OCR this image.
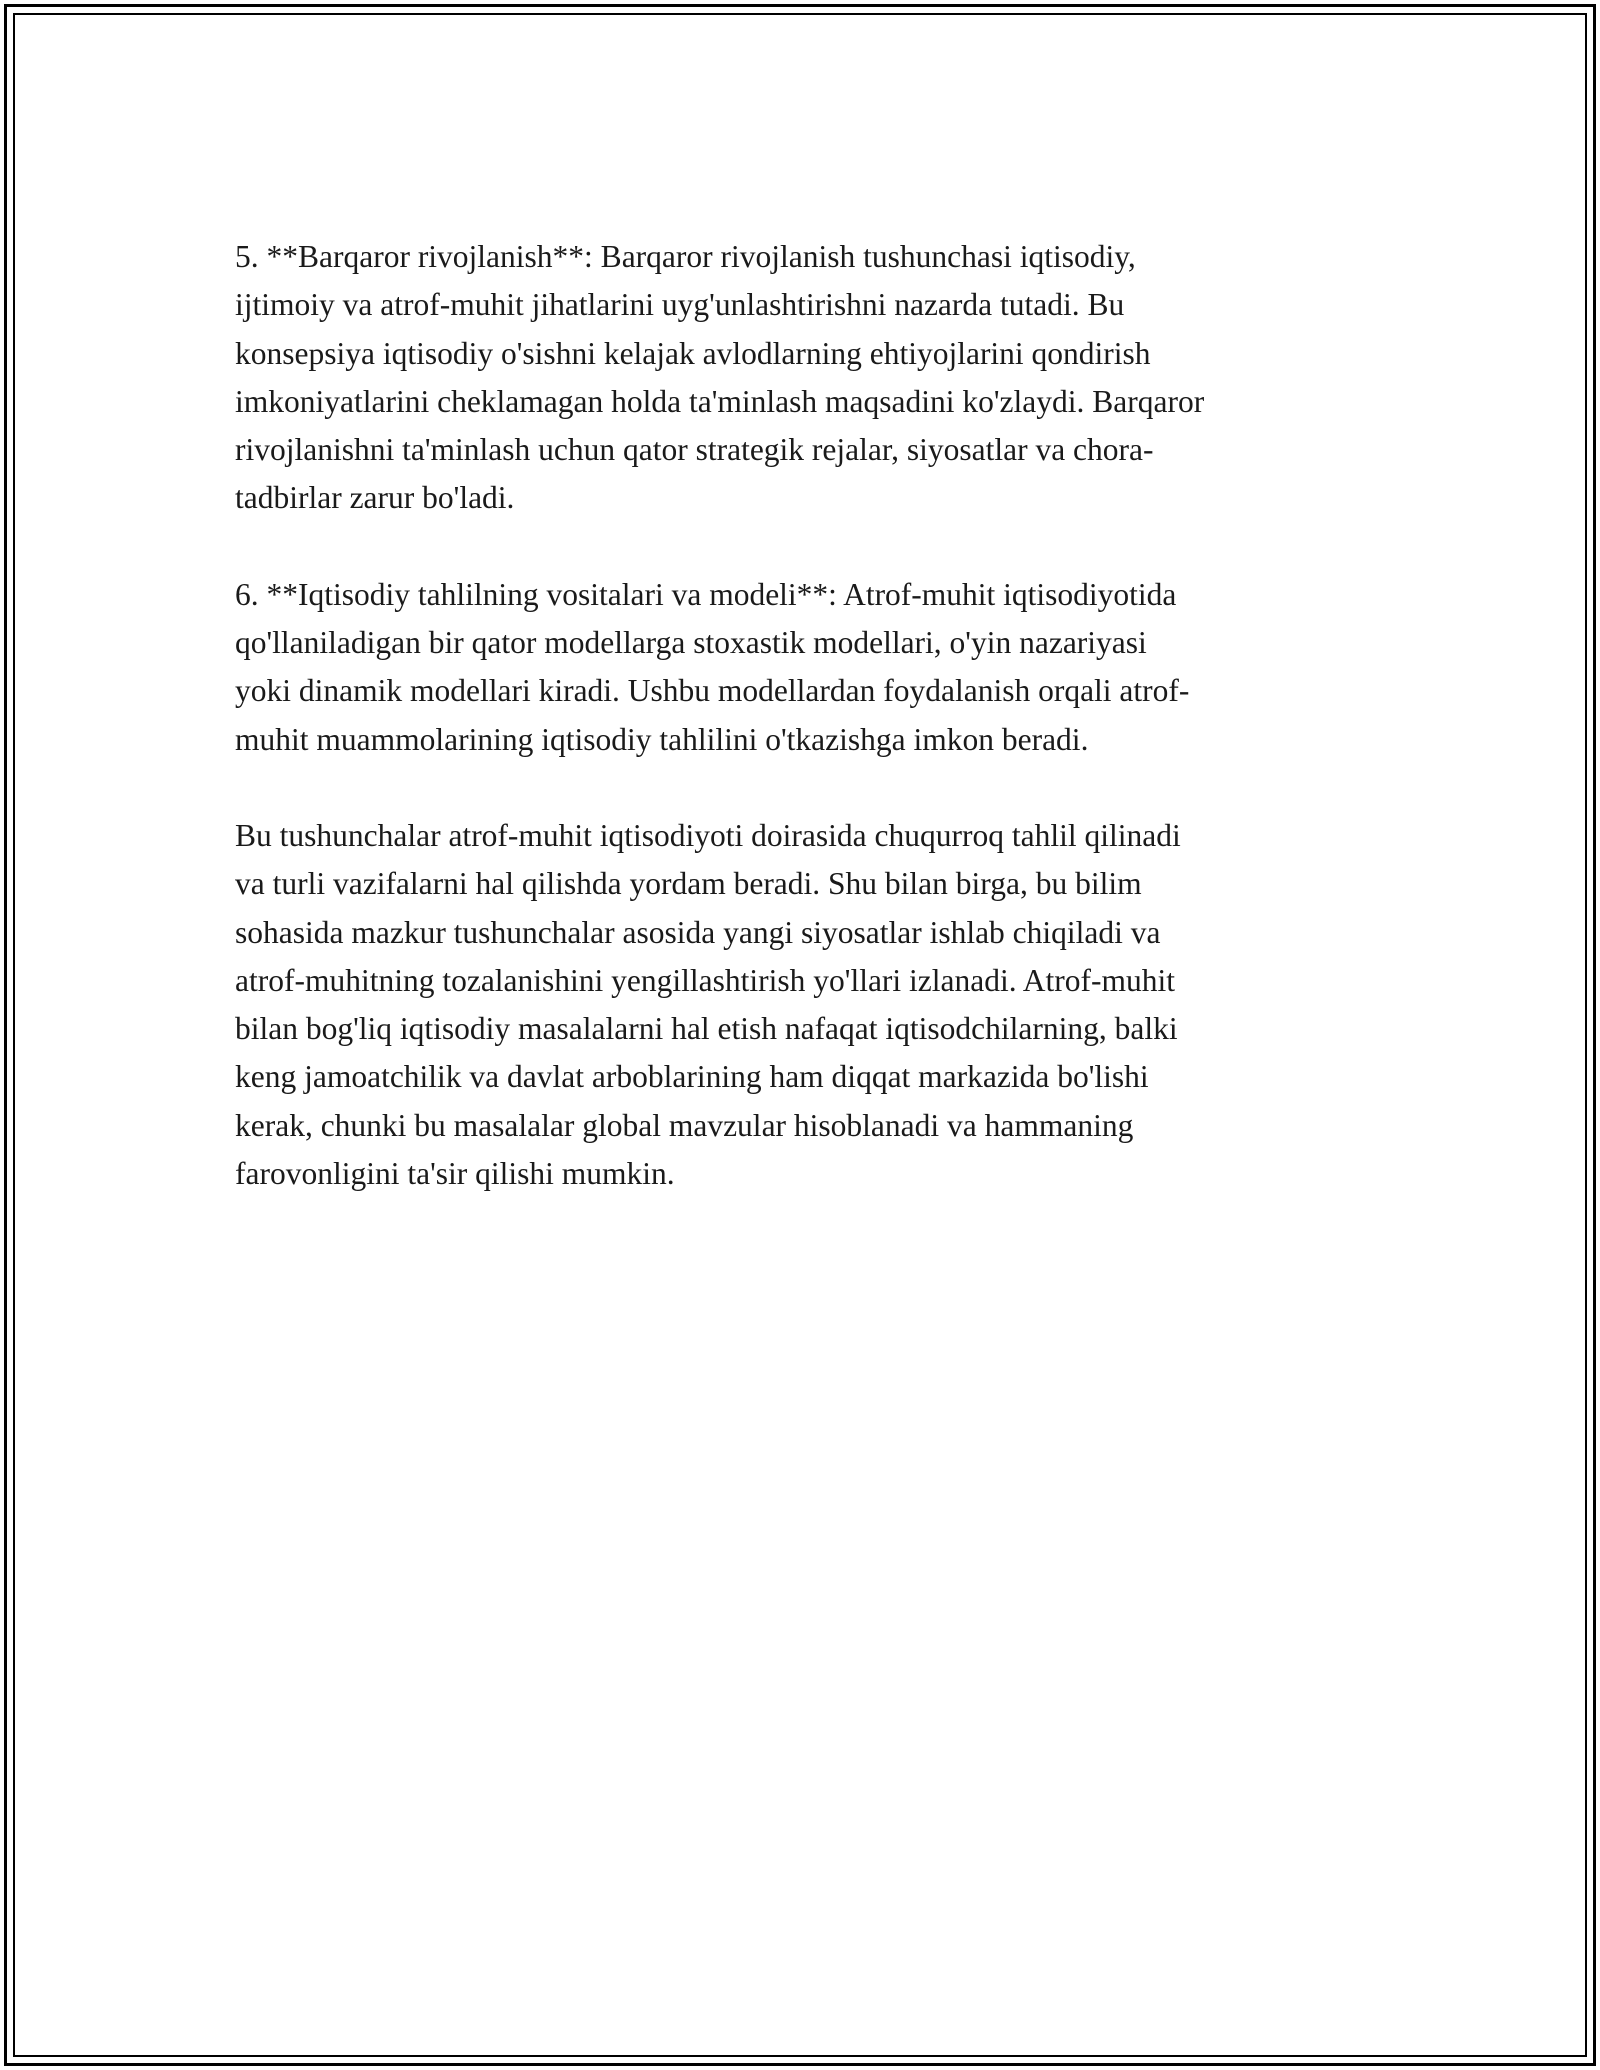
5. **Barqaror rivojlanish**: Barqaror rivojlanish tushunchasi iqtisodiy,
ijtimoiy va atrof-muhit jihatlarini uyg'unlashtirishni nazarda tutadi. Bu
konsepsiya iqtisodiy o'sishni kelajak avlodlarning ehtiyojlarini qondirish
imkoniyatlarini cheklamagan holda ta'minlash maqsadini ko'zlaydi. Barqaror
rivojlanishni ta'minlash uchun qator strategik rejalar, siyosatlar va chora-
tadbirlar zarur bo'ladi.

6. **Iqtisodiy tahlilning vositalari va modeli**: Atrof-muhit iqtisodiyotida
qo'llaniladigan bir qator modellarga stoxastik modellari, o'yin nazariyasi
yoki dinamik modellari kiradi. Ushbu modellardan foydalanish orqali atrof-
muhit muammolarining iqtisodiy tahlilini o'tkazishga imkon beradi.

Bu tushunchalar atrof-muhit iqtisodiyoti doirasida chuqurroq tahlil qilinadi
va turli vazifalarni hal qilishda yordam beradi. Shu bilan birga, bu bilim
sohasida mazkur tushunchalar asosida yangi siyosatlar ishlab chiqiladi va
atrof-muhitning tozalanishini yengillashtirish yo'llari izlanadi. Atrof-muhit
bilan bog'liq iqtisodiy masalalarni hal etish nafaqat iqtisodchilarning, balki
keng jamoatchilik va davlat arboblarining ham diqqat markazida bo'lishi
kerak, chunki bu masalalar global mavzular hisoblanadi va hammaning
farovonligini ta'sir qilishi mumkin.
